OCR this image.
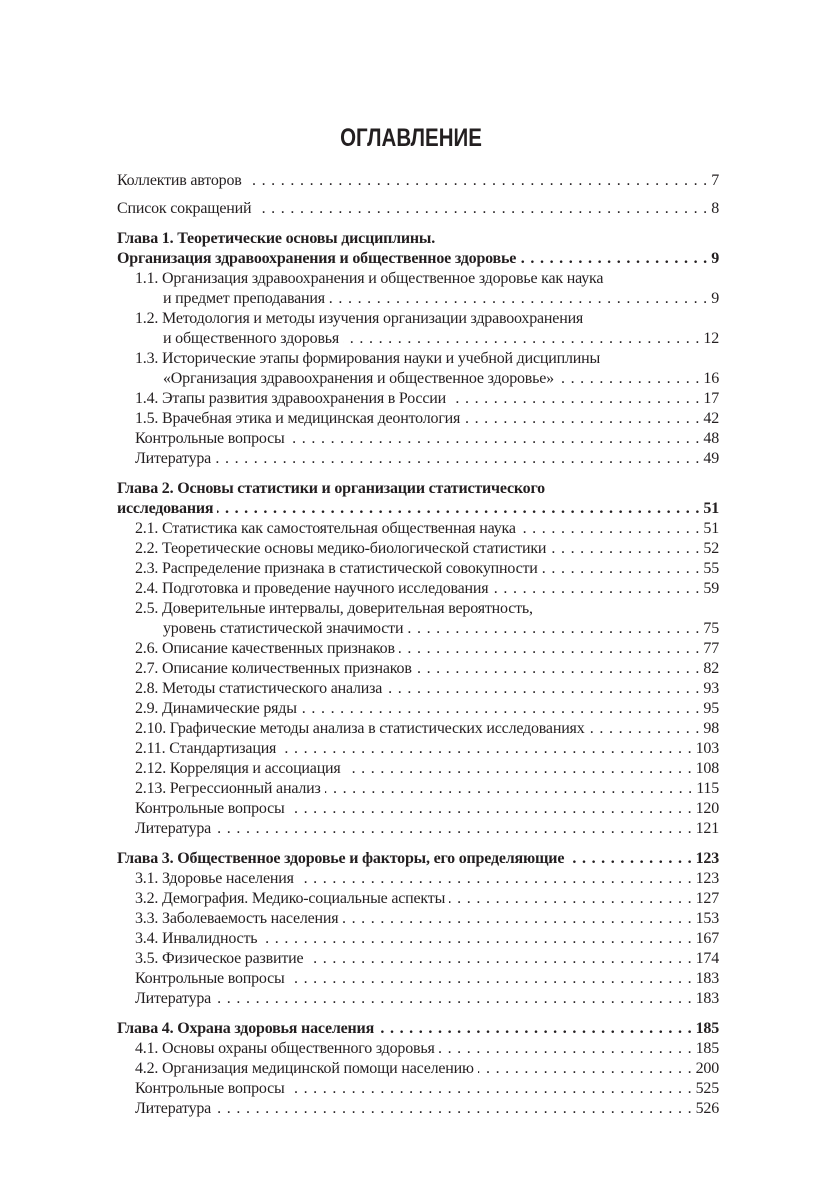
ОГЛАВЛЕНИЕ
Коллектив авторов . . .	7
Список сокращений . . .	8
Глава 1. Теоретические основы дисциплины.
Организация здравоохранения и общественное здоровье . . .	9
1.1. Организация здравоохранения и общественное здоровье как наука
и предмет преподавания . . .	9
1.2. Методология и методы изучения организации здравоохранения
и общественного здоровья . . .	12
1.3. Исторические этапы формирования науки и учебной дисциплины
«Организация здравоохранения и общественное здоровье» . . .	16
1.4. Этапы развития здравоохранения в России . . .	17
1.5. Врачебная этика и медицинская деонтология . . .	42
Контрольные вопросы . . .	48
Литература . . .	49
Глава 2. Основы статистики и организации статистического
исследования . . .	51
2.1. Статистика как самостоятельная общественная наука . . .	51
2.2. Теоретические основы медико-биологической статистики . . .	52
2.3. Распределение признака в статистической совокупности . . .	55
2.4. Подготовка и проведение научного исследования . . .	59
2.5. Доверительные интервалы, доверительная вероятность,
уровень статистической значимости . . .	75
2.6. Описание качественных признаков . . .	77
2.7. Описание количественных признаков . . .	82
2.8. Методы статистического анализа . . .	93
2.9. Динамические ряды . . .	95
2.10. Графические методы анализа в статистических исследованиях . . .	98
2.11. Стандартизация . . .	103
2.12. Корреляция и ассоциация . . .	108
2.13. Регрессионный анализ . . .	115
Контрольные вопросы . . .	120
Литература . . .	121
Глава 3. Общественное здоровье и факторы, его определяющие . . .	123
3.1. Здоровье населения . . .	123
3.2. Демография. Медико-социальные аспекты . . .	127
3.3. Заболеваемость населения . . .	153
3.4. Инвалидность . . .	167
3.5. Физическое развитие . . .	174
Контрольные вопросы . . .	183
Литература . . .	183
Глава 4. Охрана здоровья населения . . .	185
4.1. Основы охраны общественного здоровья . . .	185
4.2. Организация медицинской помощи населению . . .	200
Контрольные вопросы . . .	525
Литература . . .	526
